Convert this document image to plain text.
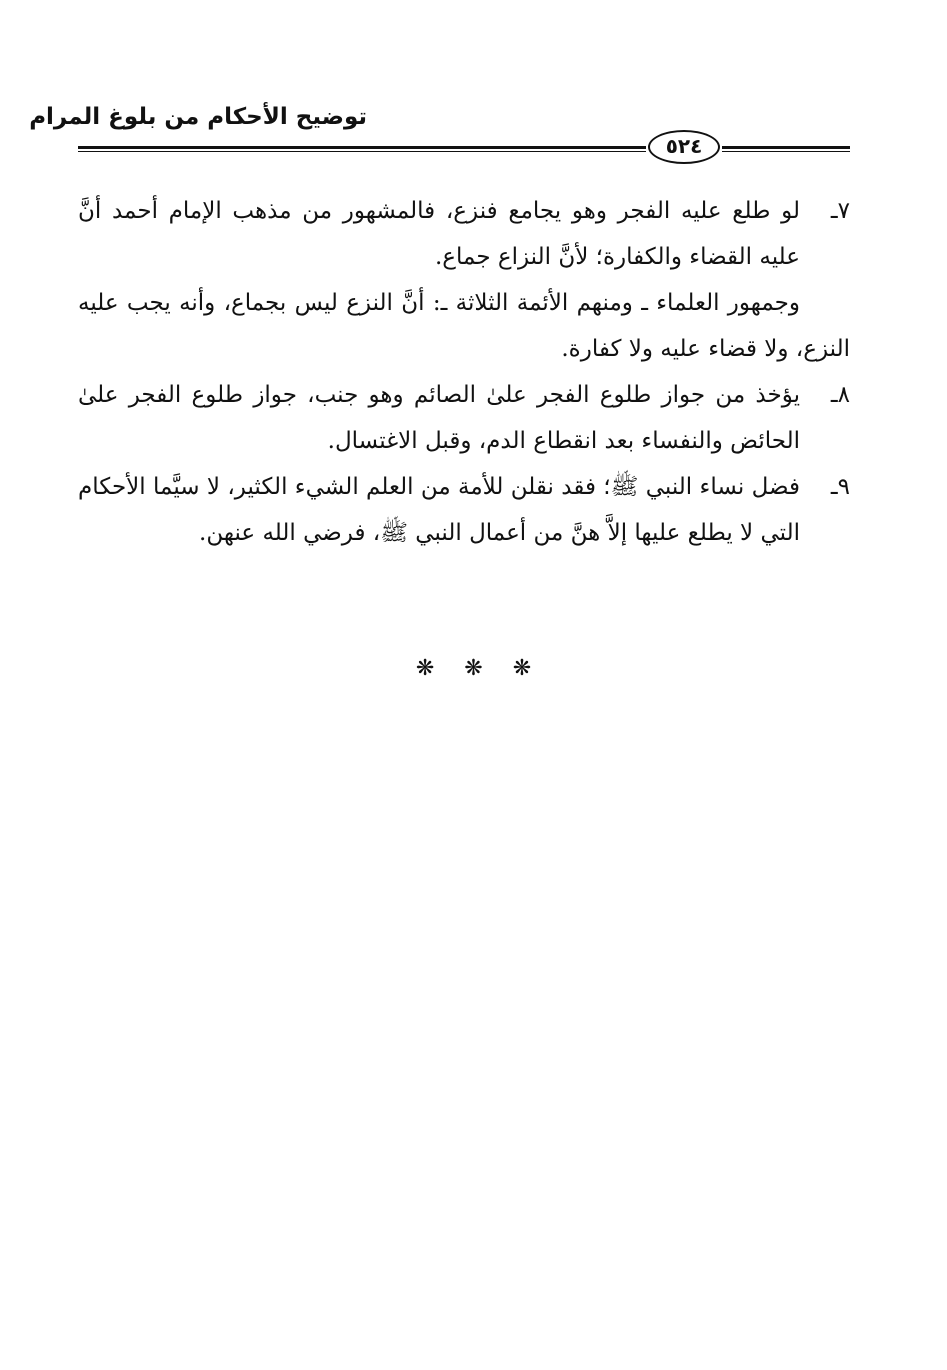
توضيح الأحكام من بلوغ المرام
٥٢٤

٧ـلو طلع عليه الفجر وهو يجامع فنزع، فالمشهور من مذهب الإمام أحمد أنَّ عليه القضاء والكفارة؛ لأنَّ النزاع جماع.

وجمهور العلماء ـ ومنهم الأئمة الثلاثة ـ: أنَّ النزع ليس بجماع، وأنه يجب عليه النزع، ولا قضاء عليه ولا كفارة.

٨ـيؤخذ من جواز طلوع الفجر علىٰ الصائم وهو جنب، جواز طلوع الفجر علىٰ الحائض والنفساء بعد انقطاع الدم، وقبل الاغتسال.

٩ـفضل نساء النبي ﷺ؛ فقد نقلن للأمة من العلم الشيء الكثير، لا سيَّما الأحكام التي لا يطلع عليها إلاَّ هنَّ من أعمال النبي ﷺ، فرضي الله عنهن.

❋❋❋
